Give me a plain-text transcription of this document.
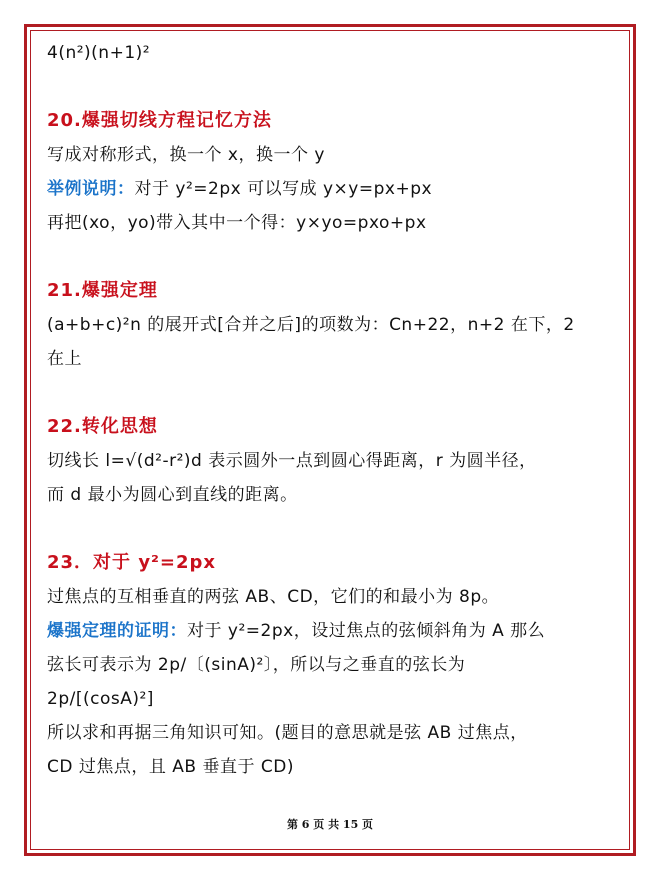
4(n²)(n+1)²
20.爆强切线方程记忆方法
写成对称形式，换一个 x，换一个 y
举例说明：对于 y²=2px 可以写成 y×y=px+px
再把(xo，yo)带入其中一个得：y×yo=pxo+px
21.爆强定理
(a+b+c)²n 的展开式[合并之后]的项数为：Cn+22，n+2 在下，2
在上
22.转化思想
切线长 l=√(d²-r²)d 表示圆外一点到圆心得距离，r 为圆半径，
而 d 最小为圆心到直线的距离。
23．对于 y²=2px
过焦点的互相垂直的两弦 AB、CD，它们的和最小为 8p。
爆强定理的证明：对于 y²=2px，设过焦点的弦倾斜角为 A 那么
弦长可表示为 2p/〔(sinA)²〕，所以与之垂直的弦长为
2p/[(cosA)²]
所以求和再据三角知识可知。(题目的意思就是弦 AB 过焦点，
CD 过焦点，且 AB 垂直于 CD)
第 6 页 共 15 页
